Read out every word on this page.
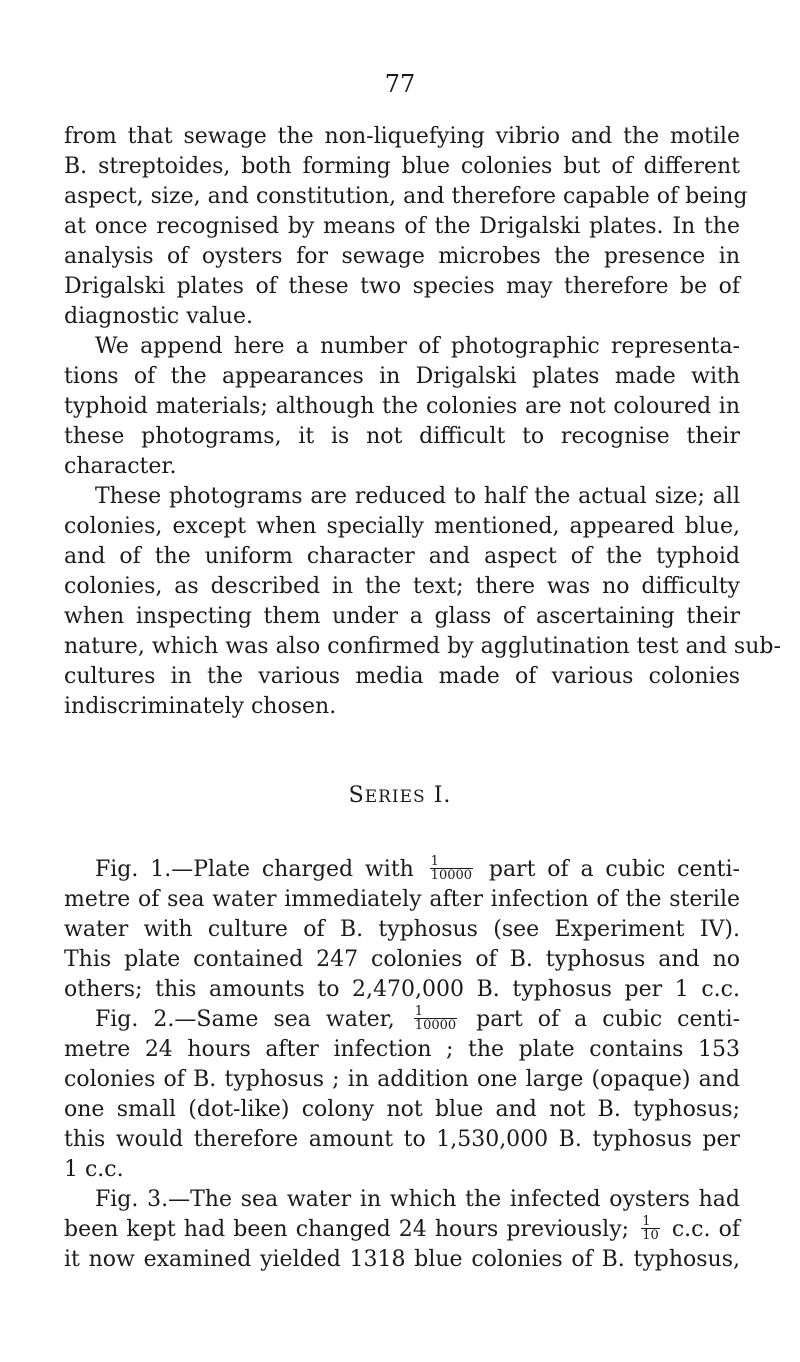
77
from that sewage the non-liquefying vibrio and the motile
B. streptoides, both forming blue colonies but of different
aspect, size, and constitution, and therefore capable of being
at once recognised by means of the Drigalski plates. In the
analysis of oysters for sewage microbes the presence in
Drigalski plates of these two species may therefore be of
diagnostic value.
We append here a number of photographic representa-
tions of the appearances in Drigalski plates made with
typhoid materials; although the colonies are not coloured in
these photograms, it is not difficult to recognise their
character.
These photograms are reduced to half the actual size; all
colonies, except when specially mentioned, appeared blue,
and of the uniform character and aspect of the typhoid
colonies, as described in the text; there was no difficulty
when inspecting them under a glass of ascertaining their
nature, which was also confirmed by agglutination test and sub-
cultures in the various media made of various colonies
indiscriminately chosen.
SERIES I.
Fig. 1.—Plate charged with $\frac{1}{10000}$ part of a cubic centi-
metre of sea water immediately after infection of the sterile
water with culture of B. typhosus (see Experiment IV).
This plate contained 247 colonies of B. typhosus and no
others; this amounts to 2,470,000 B. typhosus per 1 c.c.
Fig. 2.—Same sea water, $\frac{1}{10000}$ part of a cubic centi-
metre 24 hours after infection ; the plate contains 153
colonies of B. typhosus ; in addition one large (opaque) and
one small (dot-like) colony not blue and not B. typhosus;
this would therefore amount to 1,530,000 B. typhosus per
1 c.c.
Fig. 3.—The sea water in which the infected oysters had
been kept had been changed 24 hours previously; $\frac{1}{10} c.c$. of
it now examined yielded 1318 blue colonies of B. typhosus,
